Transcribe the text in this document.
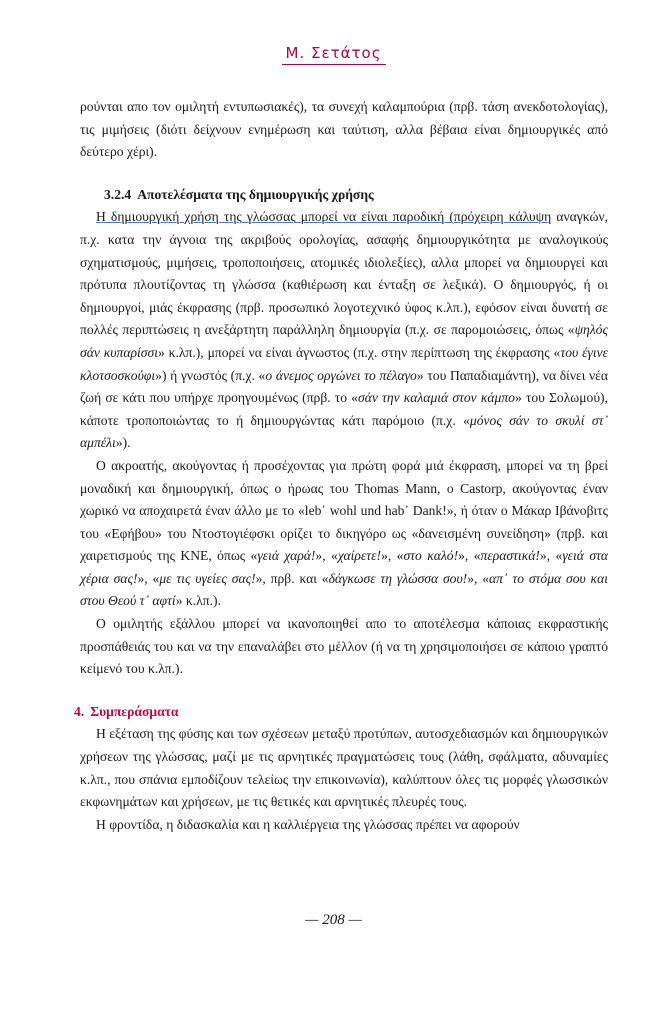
Μ. Σετάτος

ρούνται απο τον ομιλητή εντυπωσιακές), τα συνεχή καλαμπούρια (πρβ. τάση ανεκδοτολογίας), τις μιμήσεις (διότι δείχνουν ενημέρωση και ταύτιση, αλλα βέβαια είναι δημιουργικές από δεύτερο χέρι).

3.2.4 Αποτελέσματα της δημιουργικής χρήσης

Η δημιουργική χρήση της γλώσσας μπορεί να είναι παροδική (πρόχειρη κάλυψη αναγκών, π.χ. κατα την άγνοια της ακριβούς ορολογίας, ασαφής δημιουργικότητα με αναλογικούς σχηματισμούς, μιμήσεις, τροποποιήσεις, ατομικές ιδιολεξίες), αλλα μπορεί να δημιουργεί και πρότυπα πλουτίζοντας τη γλώσσα (καθιέρωση και ένταξη σε λεξικά). Ο δημιουργός, ή οι δημιουργοί, μιάς έκφρασης (πρβ. προσωπικό λογοτεχνικό ύφος κ.λπ.), εφόσον είναι δυνατή σε πολλές περιπτώσεις η ανεξάρτητη παράλληλη δημιουργία (π.χ. σε παρομοιώσεις, όπως «ψηλός σάν κυπαρίσσι» κ.λπ.), μπορεί να είναι άγνωστος (π.χ. στην περίπτωση της έκφρασης «του έγινε κλοτσοσκούφι») ή γνωστός (π.χ. «ο άνεμος οργώνει το πέλαγο» του Παπαδιαμάντη), να δίνει νέα ζωή σε κάτι που υπήρχε προηγουμένως (πρβ. το «σάν την καλαμιά στον κάμπο» του Σολωμού), κάποτε τροποποιώντας το ή δημιουργώντας κάτι παρόμοιο (π.χ. «μόνος σάν το σκυλί στ᾽ αμπέλι»).

Ο ακροατής, ακούγοντας ή προσέχοντας για πρώτη φορά μιά έκφραση, μπορεί να τη βρεί μοναδική και δημιουργική, όπως ο ήρωας του Thomas Mann, ο Castorp, ακούγοντας έναν χωρικό να αποχαιρετά έναν άλλο με το «leb᾽ wohl und hab᾽ Dank!», ή όταν ο Μάκαρ Ιβάνοβιτς του «Εφήβου» του Ντοστογιέφσκι ορίζει το δικηγόρο ως «δανεισμένη συνείδηση» (πρβ. και χαιρετισμούς της ΚΝΕ, όπως «γειά χαρά!», «χαίρετε!», «στο καλό!», «περαστικά!», «γειά στα χέρια σας!», «με τις υγείες σας!», πρβ. και «δάγκωσε τη γλώσσα σου!», «απ᾽ το στόμα σου και στου Θεού τ᾽ αφτί» κ.λπ.).

Ο ομιλητής εξάλλου μπορεί να ικανοποιηθεί απο το αποτέλεσμα κάποιας εκφραστικής προσπάθειάς του και να την επαναλάβει στο μέλλον (ή να τη χρησιμοποιήσει σε κάποιο γραπτό κείμενό του κ.λπ.).

4. Συμπεράσματα

Η εξέταση της φύσης και των σχέσεων μεταξύ προτύπων, αυτοσχεδιασμών και δημιουργικών χρήσεων της γλώσσας, μαζί με τις αρνητικές πραγματώσεις τους (λάθη, σφάλματα, αδυναμίες κ.λπ., που σπάνια εμποδίζουν τελείως την επικοινωνία), καλύπτουν όλες τις μορφές γλωσσικών εκφωνημάτων και χρήσεων, με τις θετικές και αρνητικές πλευρές τους.

Η φροντίδα, η διδασκαλία και η καλλιέργεια της γλώσσας πρέπει να αφορούν

— 208 —
